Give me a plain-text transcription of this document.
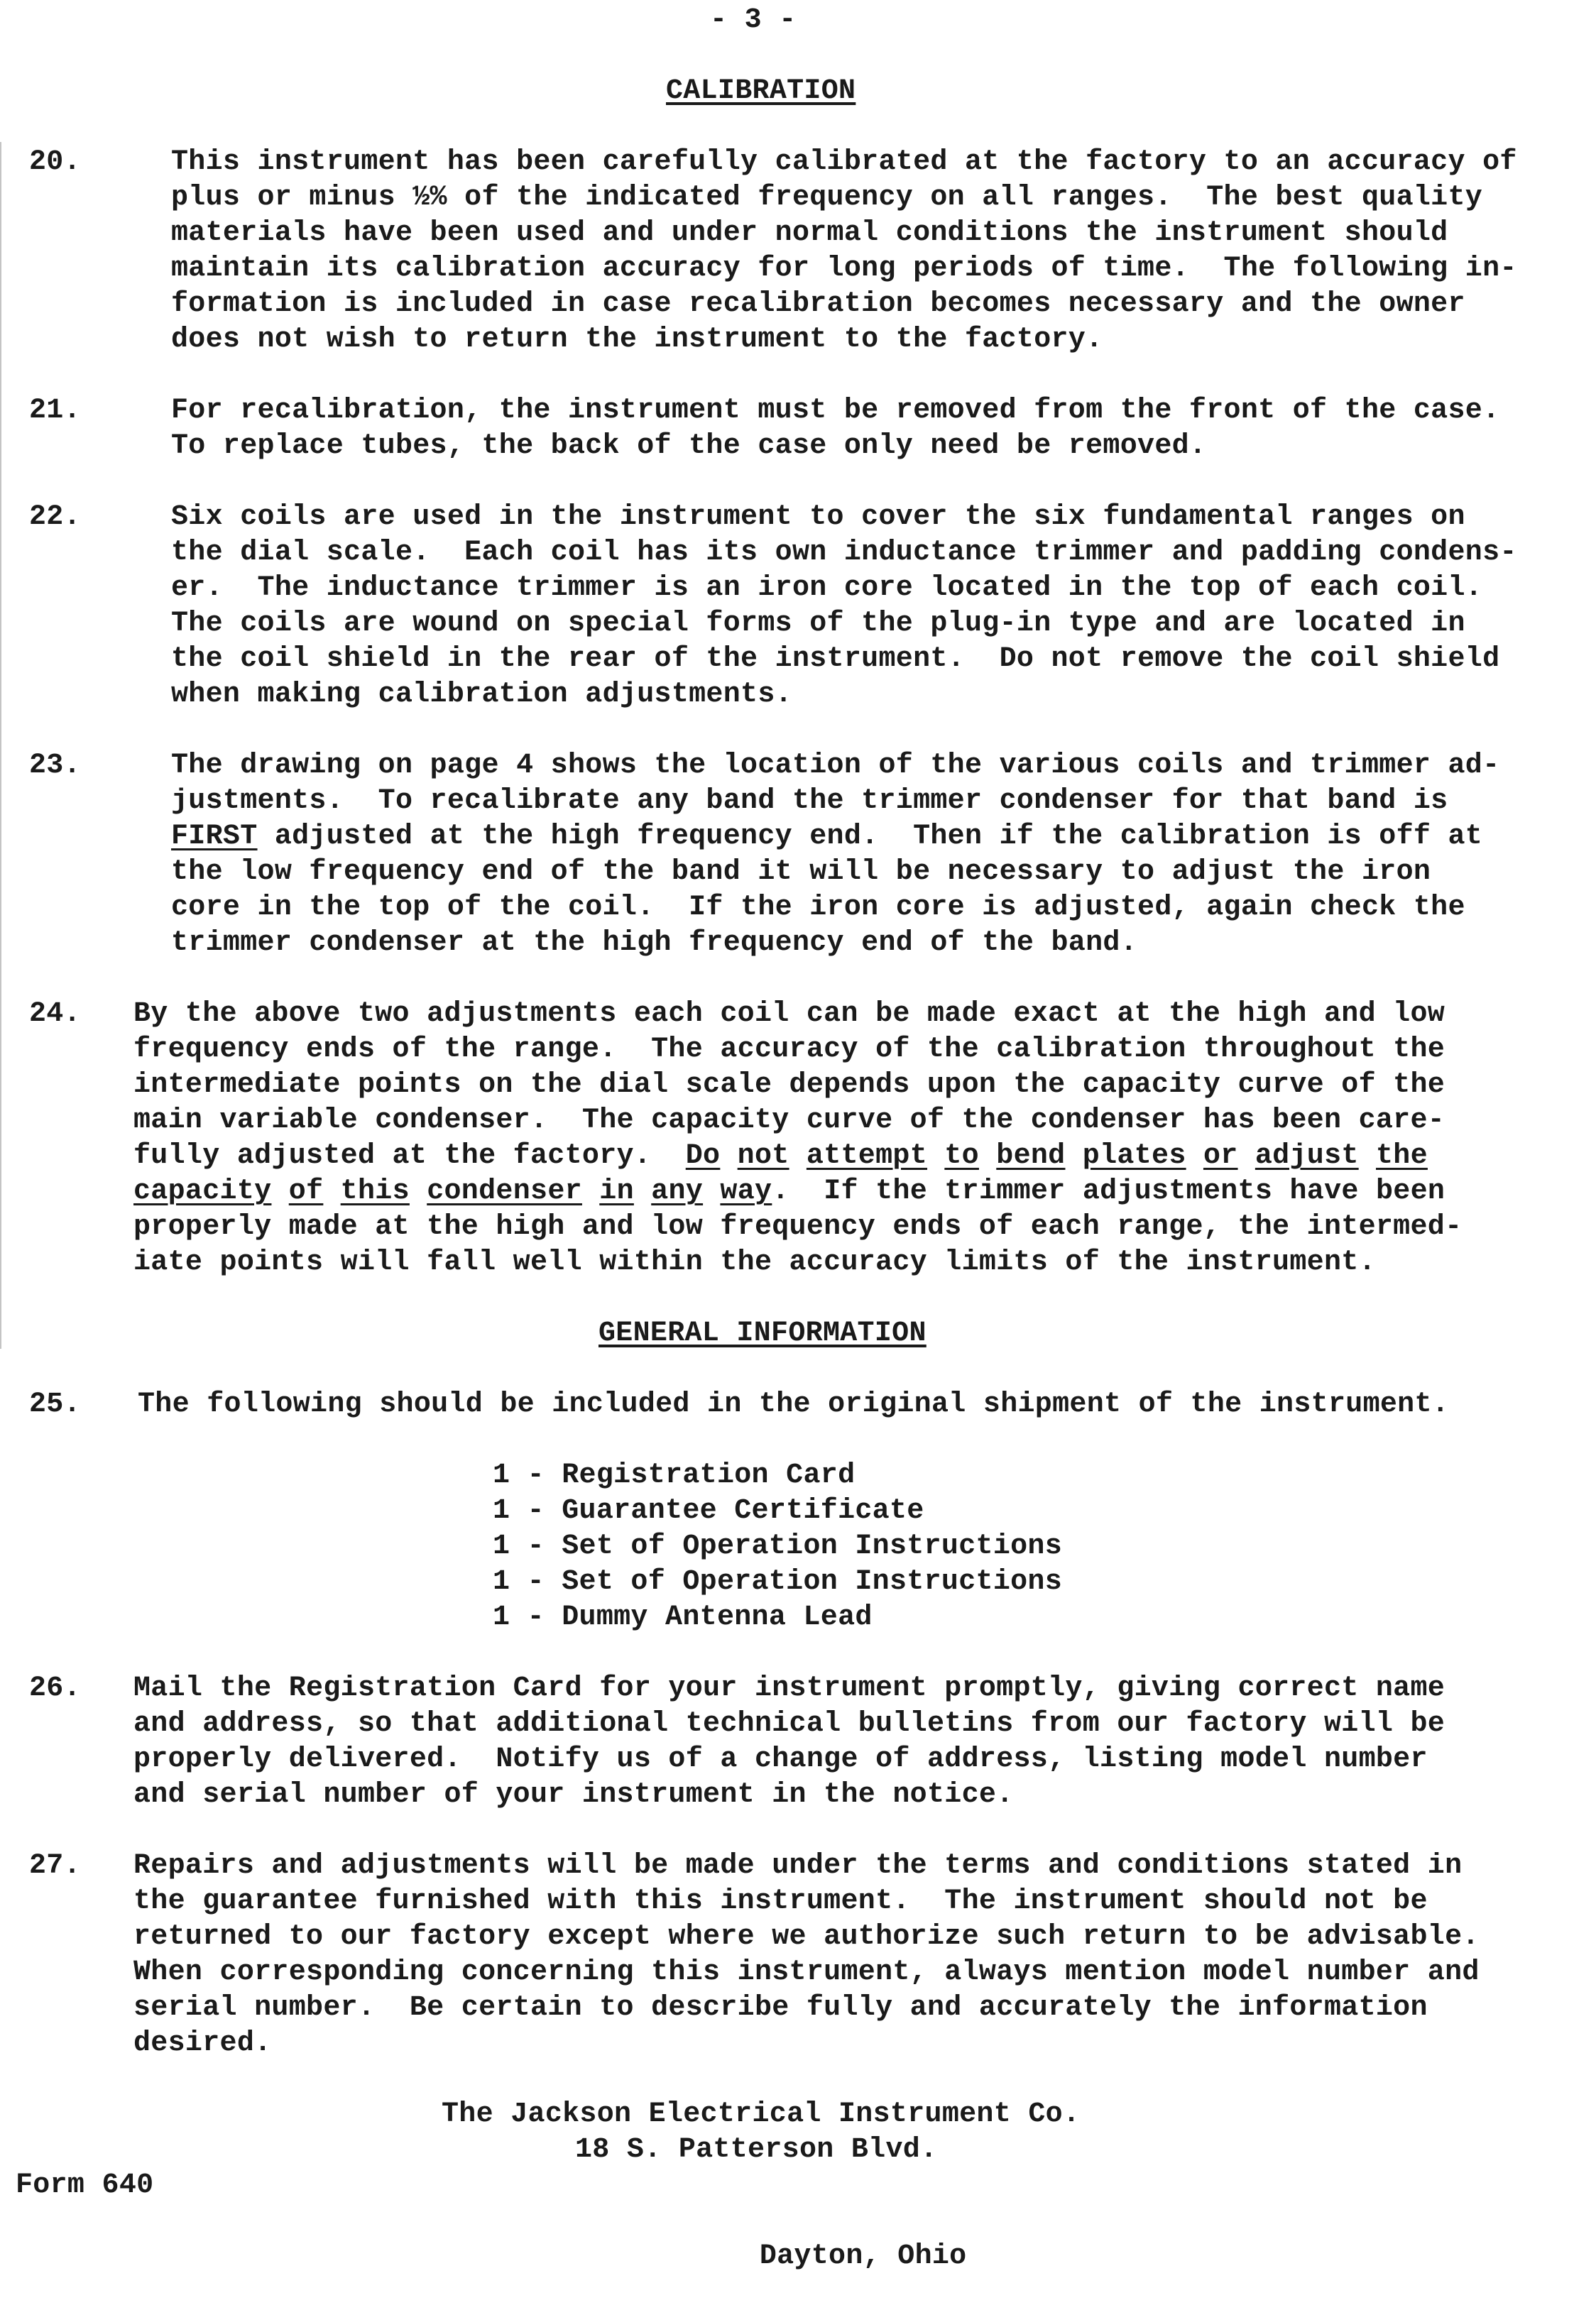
- 3 -
CALIBRATION
20.	This instrument has been carefully calibrated at the factory to an accuracy of
plus or minus ½% of the indicated frequency on all ranges.  The best quality
materials have been used and under normal conditions the instrument should
maintain its calibration accuracy for long periods of time.  The following in-
formation is included in case recalibration becomes necessary and the owner
does not wish to return the instrument to the factory.
21.	For recalibration, the instrument must be removed from the front of the case.
To replace tubes, the back of the case only need be removed.
22.	Six coils are used in the instrument to cover the six fundamental ranges on
the dial scale.  Each coil has its own inductance trimmer and padding condens-
er.  The inductance trimmer is an iron core located in the top of each coil.
The coils are wound on special forms of the plug-in type and are located in
the coil shield in the rear of the instrument.  Do not remove the coil shield
when making calibration adjustments.
23.	The drawing on page 4 shows the location of the various coils and trimmer ad-
justments.  To recalibrate any band the trimmer condenser for that band is
FIRST adjusted at the high frequency end.  Then if the calibration is off at
the low frequency end of the band it will be necessary to adjust the iron
core in the top of the coil.  If the iron core is adjusted, again check the
trimmer condenser at the high frequency end of the band.
24.	By the above two adjustments each coil can be made exact at the high and low
frequency ends of the range.  The accuracy of the calibration throughout the
intermediate points on the dial scale depends upon the capacity curve of the
main variable condenser.  The capacity curve of the condenser has been care-
fully adjusted at the factory.  Do not attempt to bend plates or adjust the
capacity of this condenser in any way.  If the trimmer adjustments have been
properly made at the high and low frequency ends of each range, the intermed-
iate points will fall well within the accuracy limits of the instrument.
GENERAL INFORMATION
25.	The following should be included in the original shipment of the instrument.
1 - Registration Card
1 - Guarantee Certificate
1 - Set of Operation Instructions
1 - Set of Operation Instructions
1 - Dummy Antenna Lead
26.	Mail the Registration Card for your instrument promptly, giving correct name
and address, so that additional technical bulletins from our factory will be
properly delivered.  Notify us of a change of address, listing model number
and serial number of your instrument in the notice.
27.	Repairs and adjustments will be made under the terms and conditions stated in
the guarantee furnished with this instrument.  The instrument should not be
returned to our factory except where we authorize such return to be advisable.
When corresponding concerning this instrument, always mention model number and
serial number.  Be certain to describe fully and accurately the information
desired.
The Jackson Electrical Instrument Co.
18 S. Patterson Blvd.

Form 640

Dayton, Ohio
